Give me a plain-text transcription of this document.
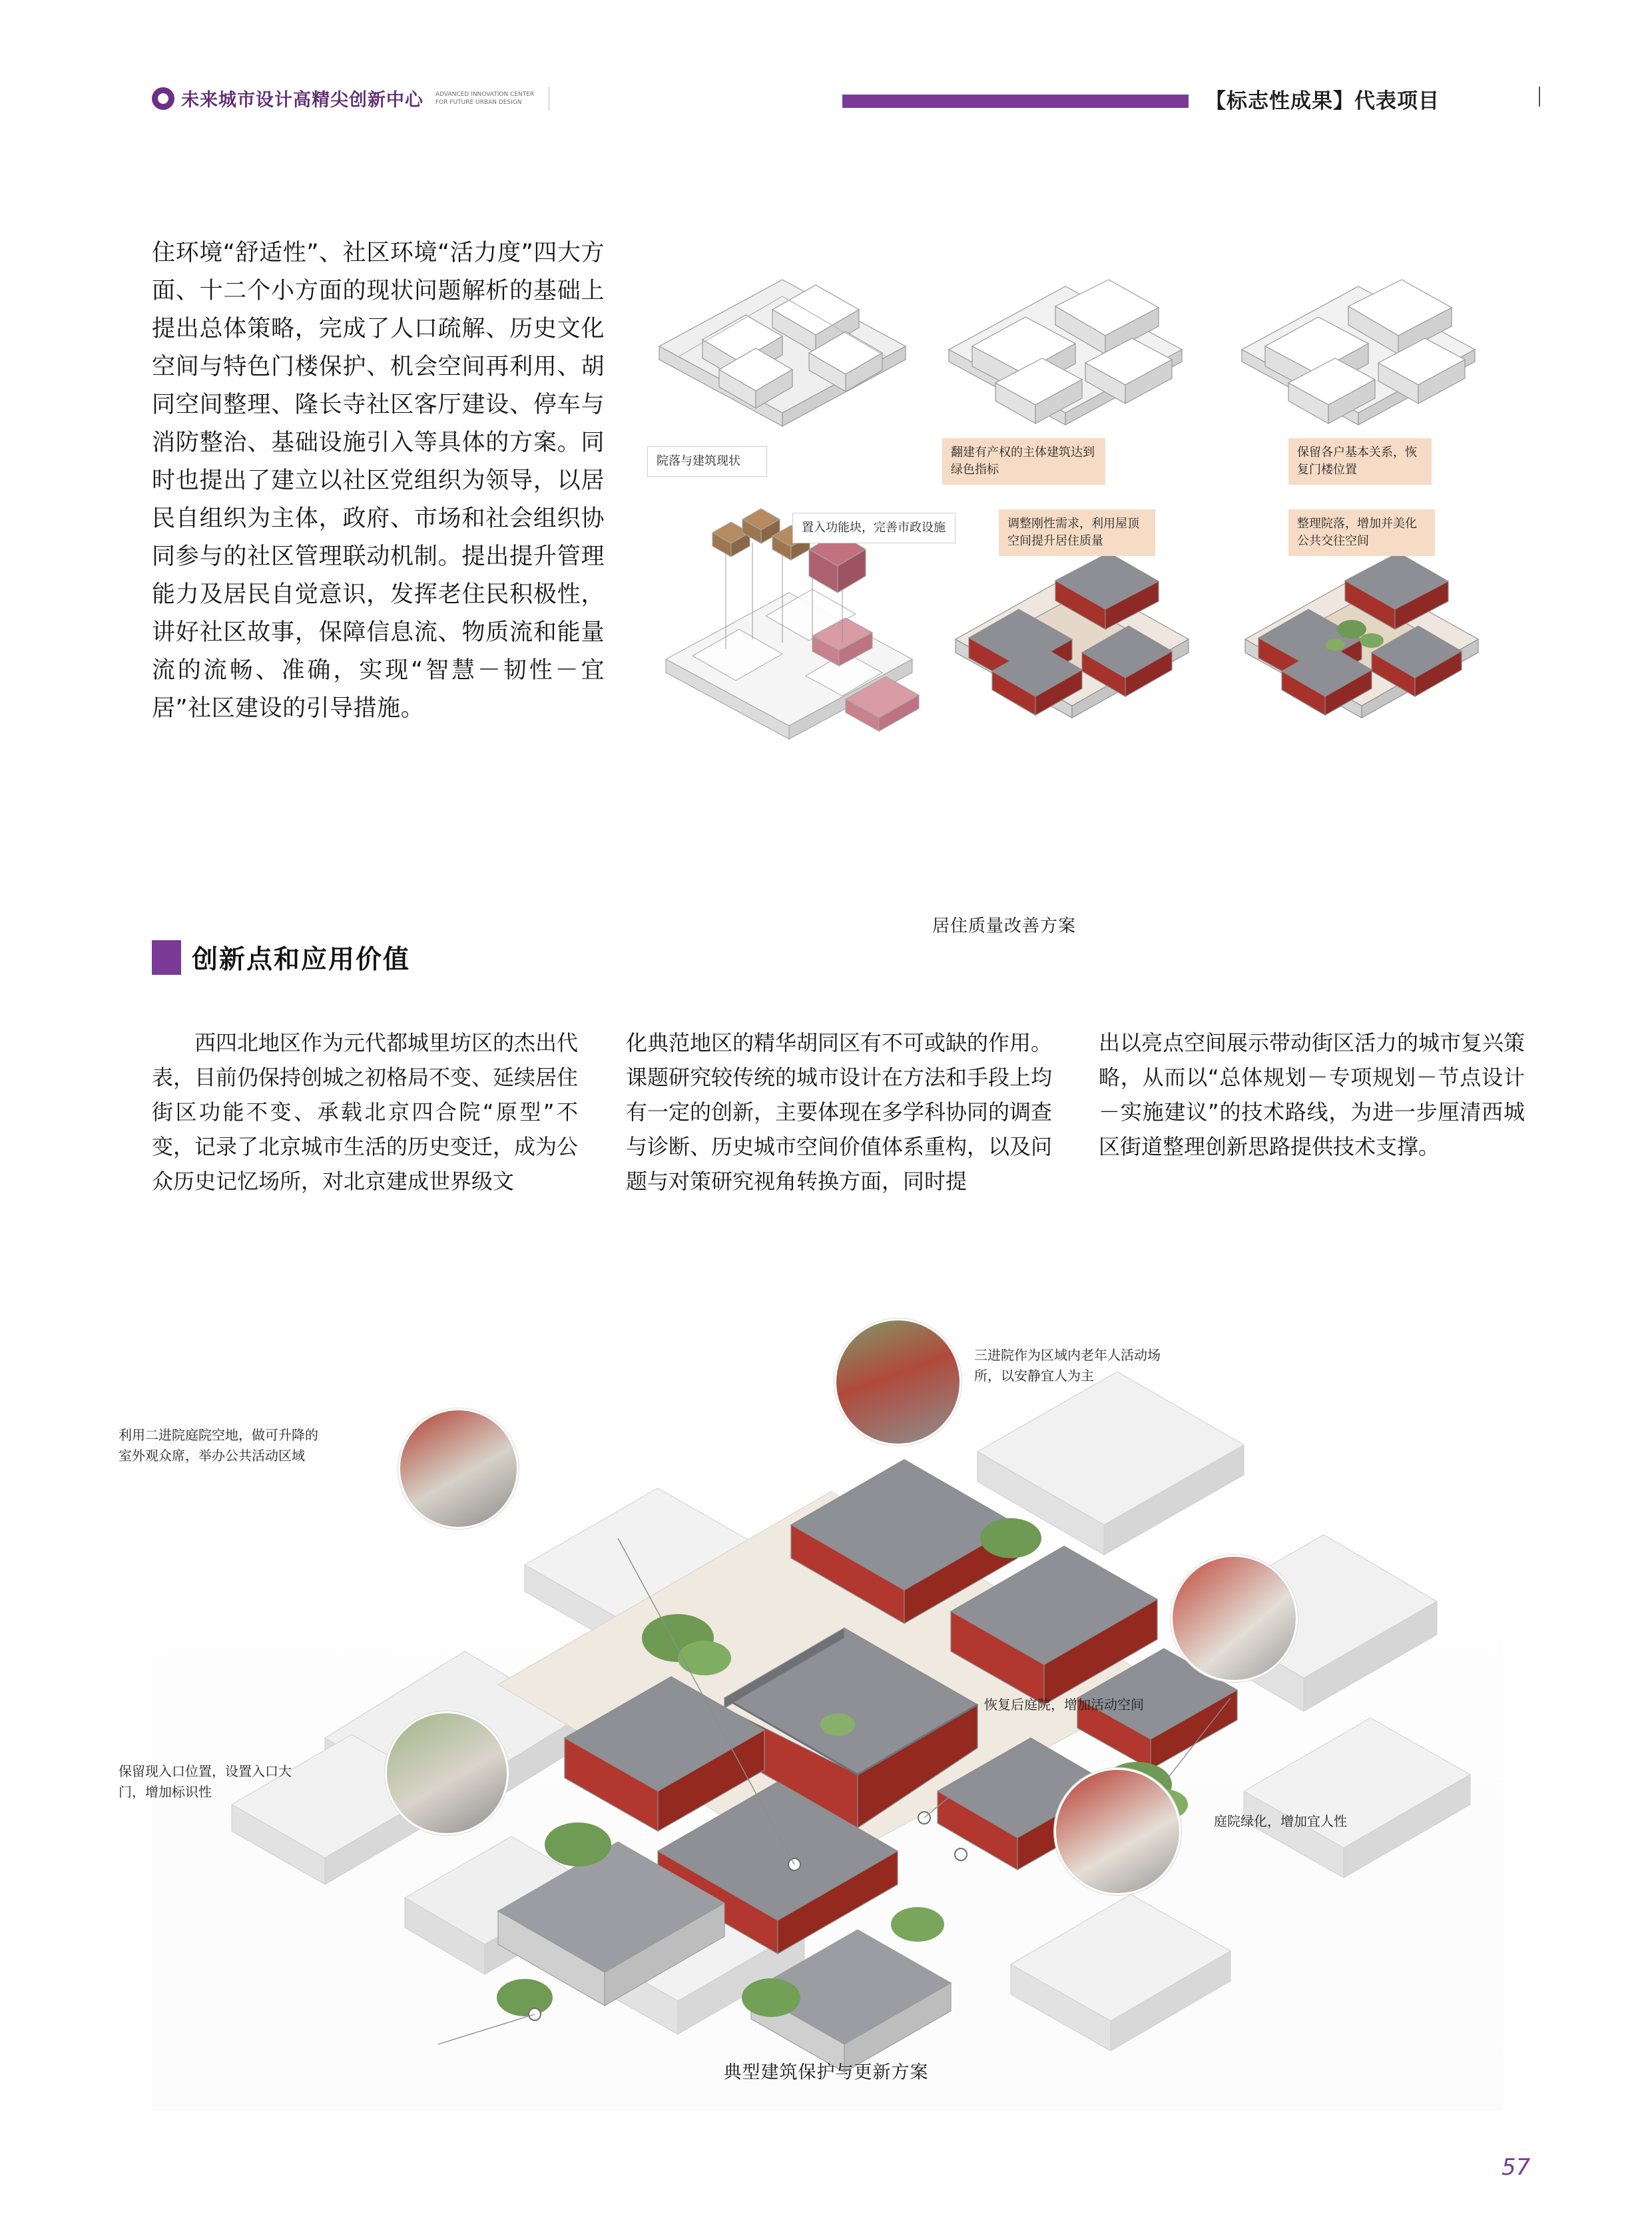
未来城市设计高精尖创新中心 ADVANCED INNOVATION CENTER
FOR FUTURE URBAN DESIGN	【标志性成果】代表项目
住环境“舒适性”、社区环境“活力度”四大方面、十二个小方面的现状问题解析的基础上提出总体策略，完成了人口疏解、历史文化空间与特色门楼保护、机会空间再利用、胡同空间整理、隆长寺社区客厅建设、停车与消防整治、基础设施引入等具体的方案。同时也提出了建立以社区党组织为领导，以居民自组织为主体，政府、市场和社会组织协同参与的社区管理联动机制。提出提升管理能力及居民自觉意识，发挥老住民积极性，讲好社区故事，保障信息流、物质流和能量流的流畅、准确，实现“智慧－韧性－宜居”社区建设的引导措施。
创新点和应用价值
院落与建筑现状
翻建有产权的主体建筑达到绿色指标
保留各户基本关系，恢复门楼位置
置入功能块，完善市政设施	调整刚性需求，利用屋顶空间提升居住质量
整理院落，增加并美化公共交往空间
居住质量改善方案
　　西四北地区作为元代都城里坊区的杰出代表，目前仍保持创城之初格局不变、延续居住街区功能不变、承载北京四合院“原型”不变，记录了北京城市生活的历史变迁，成为公众历史记忆场所，对北京建成世界级文
化典范地区的精华胡同区有不可或缺的作用。课题研究较传统的城市设计在方法和手段上均有一定的创新，主要体现在多学科协同的调查与诊断、历史城市空间价值体系重构，以及问题与对策研究视角转换方面，同时提
出以亮点空间展示带动街区活力的城市复兴策略，从而以“总体规划－专项规划－节点设计－实施建议”的技术路线，为进一步厘清西城区街道整理创新思路提供技术支撑。
三进院作为区域内老年人活动场所，以安静宜人为主
利用二进院庭院空地，做可升降的室外观众席，举办公共活动区域
恢复后庭院，增加活动空间
保留现入口位置，设置入口大门，增加标识性
庭院绿化，增加宜人性
典型建筑保护与更新方案
57
